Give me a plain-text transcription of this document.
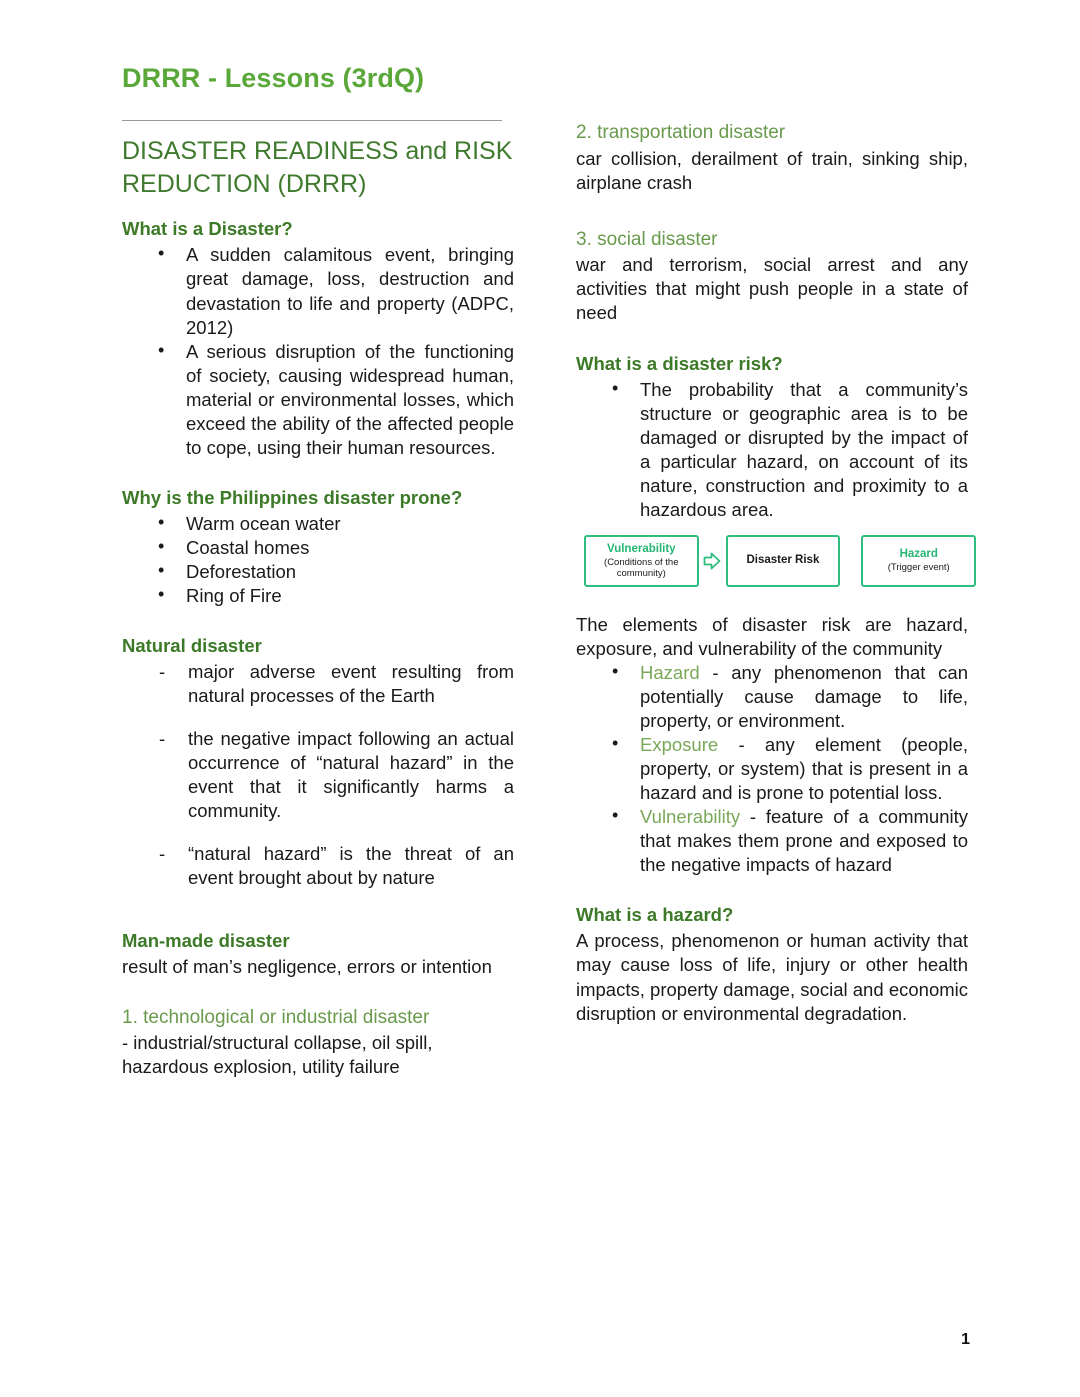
DRRR - Lessons (3rdQ)
DISASTER READINESS and RISK REDUCTION (DRRR)
What is a Disaster?
• A sudden calamitous event, bringing great damage, loss, destruction and devastation to life and property (ADPC, 2012)
• A serious disruption of the functioning of society, causing widespread human, material or environmental losses, which exceed the ability of the affected people to cope, using their human resources.
Why is the Philippines disaster prone?
• Warm ocean water
• Coastal homes
• Deforestation
• Ring of Fire
Natural disaster
- major adverse event resulting from natural processes of the Earth
- the negative impact following an actual occurrence of “natural hazard” in the event that it significantly harms a community.
- “natural hazard” is the threat of an event brought about by nature
Man-made disaster

result of man’s negligence, errors or intention

1. technological or industrial disaster

- industrial/structural collapse, oil spill, hazardous explosion, utility failure

2. transportation disaster

car collision, derailment of train, sinking ship, airplane crash

3. social disaster

war and terrorism, social arrest and any activities that might push people in a state of need

What is a disaster risk?
• The probability that a community’s structure or geographic area is to be damaged or disrupted by the impact of a particular hazard, on account of its nature, construction and proximity to a hazardous area.
Vulnerability
(Conditions of the community)
Disaster Risk
Hazard
(Trigger event)

The elements of disaster risk are hazard, exposure, and vulnerability of the community

• Hazard - any phenomenon that can potentially cause damage to life, property, or environment.
• Exposure - any element (people, property, or system) that is present in a hazard and is prone to potential loss.
• Vulnerability - feature of a community that makes them prone and exposed to the negative impacts of hazard
What is a hazard?

A process, phenomenon or human activity that may cause loss of life, injury or other health impacts, property damage, social and economic disruption or environmental degradation.

1
